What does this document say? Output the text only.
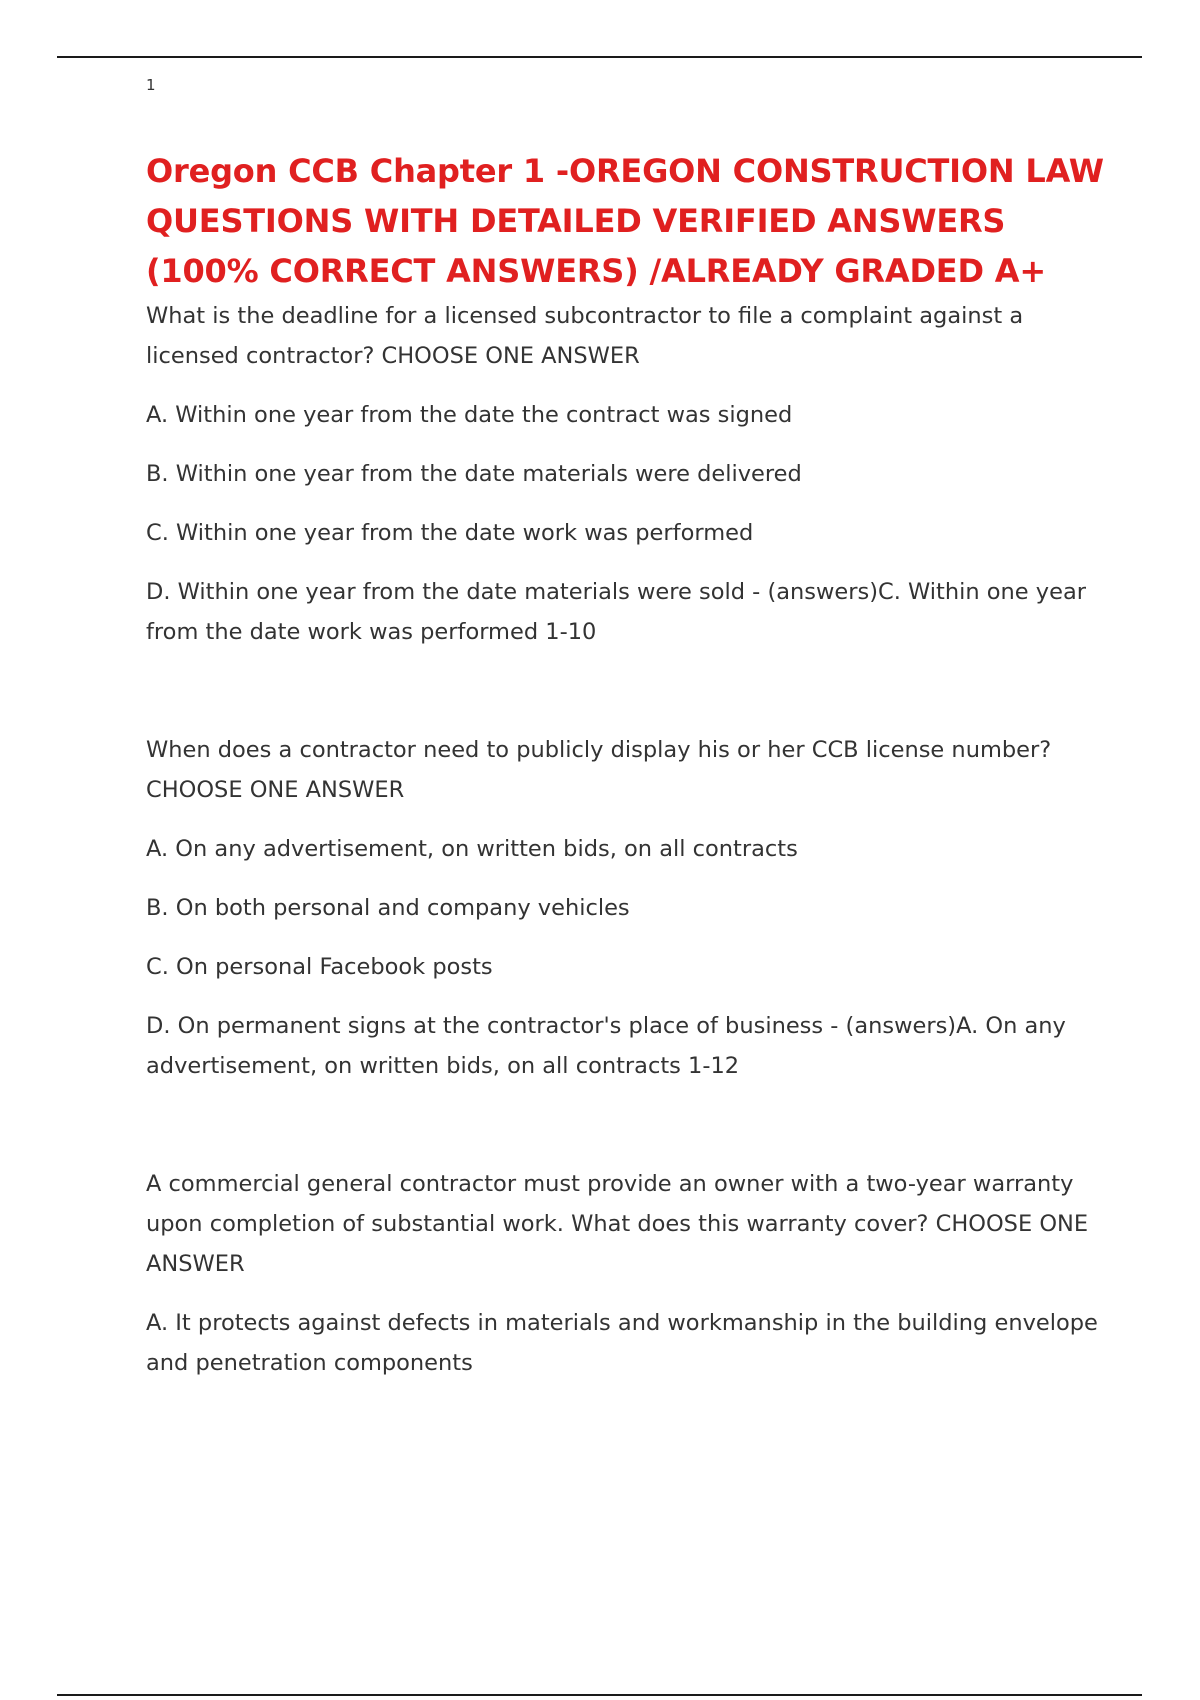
1
Oregon CCB Chapter 1 -OREGON CONSTRUCTION LAW QUESTIONS WITH DETAILED VERIFIED ANSWERS (100% CORRECT ANSWERS) /ALREADY GRADED A+

What is the deadline for a licensed subcontractor to file a complaint against a licensed contractor? CHOOSE ONE ANSWER

A. Within one year from the date the contract was signed

B. Within one year from the date materials were delivered

C. Within one year from the date work was performed

D. Within one year from the date materials were sold - (answers)C. Within one year from the date work was performed 1-10

When does a contractor need to publicly display his or her CCB license number? CHOOSE ONE ANSWER

A. On any advertisement, on written bids, on all contracts

B. On both personal and company vehicles

C. On personal Facebook posts

D. On permanent signs at the contractor's place of business - (answers)A. On any advertisement, on written bids, on all contracts 1-12

A commercial general contractor must provide an owner with a two-year warranty upon completion of substantial work. What does this warranty cover? CHOOSE ONE ANSWER

A. It protects against defects in materials and workmanship in the building envelope and penetration components
